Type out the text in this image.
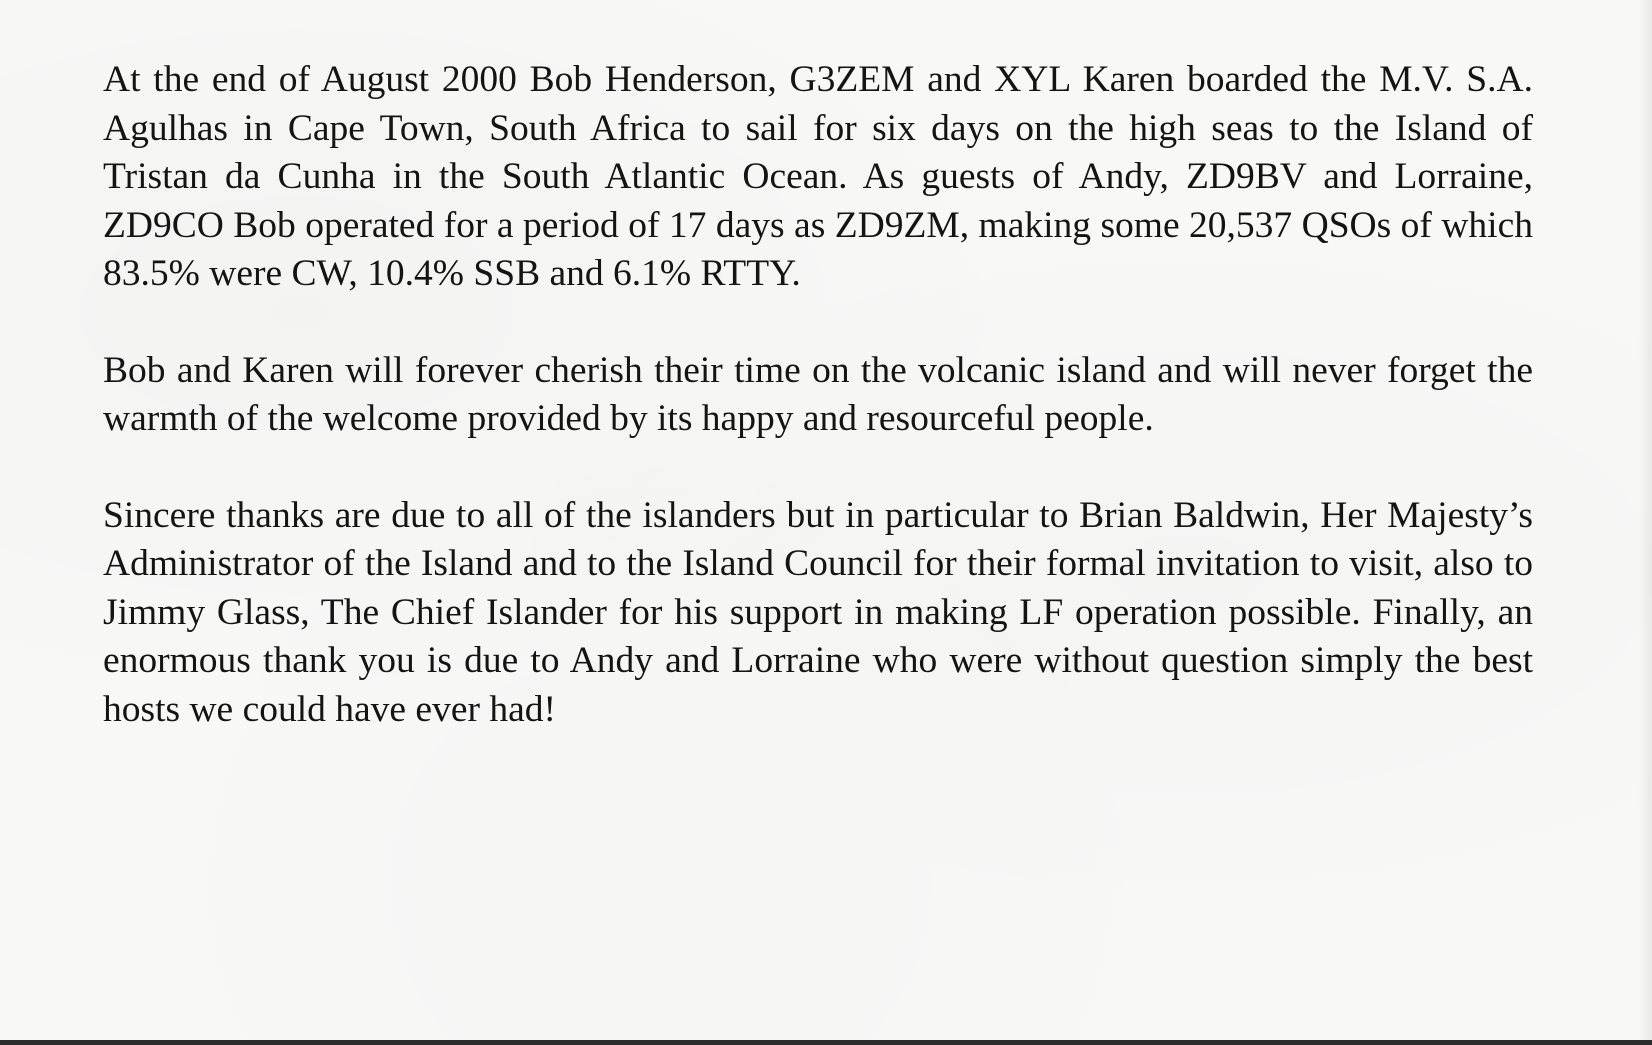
At the end of August 2000 Bob Henderson, G3ZEM and XYL Karen boarded the M.V. S.A. Agulhas in Cape Town, South Africa to sail for six days on the high seas to the Island of Tristan da Cunha in the South Atlantic Ocean. As guests of Andy, ZD9BV and Lorraine, ZD9CO Bob operated for a period of 17 days as ZD9ZM, making some 20,537 QSOs of which 83.5% were CW, 10.4% SSB and 6.1% RTTY.

Bob and Karen will forever cherish their time on the volcanic island and will never forget the warmth of the welcome provided by its happy and resourceful people.

Sincere thanks are due to all of the islanders but in particular to Brian Baldwin, Her Majesty’s Administrator of the Island and to the Island Council for their formal invitation to visit, also to Jimmy Glass, The Chief Islander for his support in making LF operation possible. Finally, an enormous thank you is due to Andy and Lorraine who were without question simply the best hosts we could have ever had!
